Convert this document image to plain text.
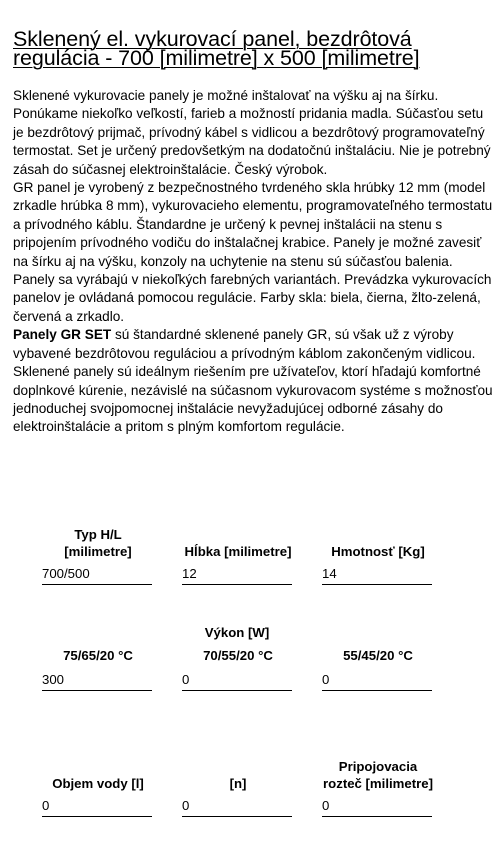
Sklenený el. vykurovací panel, bezdrôtová regulácia - 700 [milimetre] x 500 [milimetre]

Sklenené vykurovacie panely je možné inštalovať na výšku aj na šírku. Ponúkame niekoľko veľkostí, farieb a možností pridania madla. Súčasťou setu je bezdrôtový prijmač, prívodný kábel s vidlicou a bezdrôtový programovateľný termostat. Set je určený predovšetkým na dodatočnú inštaláciu. Nie je potrebný zásah do súčasnej elektroinštalácie. Český výrobok.

GR panel je vyrobený z bezpečnostného tvrdeného skla hrúbky 12 mm (model zrkadle hrúbka 8 mm), vykurovacieho elementu, programovateľného termostatu a prívodného káblu. Štandardne je určený k pevnej inštalácii na stenu s pripojením prívodného vodiču do inštalačnej krabice. Panely je možné zavesiť na šírku aj na výšku, konzoly na uchytenie na stenu sú súčasťou balenia. Panely sa vyrábajú v niekoľkých farebných variantách. Prevádzka vykurovacích panelov je ovládaná pomocou regulácie. Farby skla: biela, čierna, žlto-zelená, červená a zrkadlo.

Panely GR SET sú štandardné sklenené panely GR, sú však už z výroby vybavené bezdrôtovou reguláciou a prívodným káblom zakončeným vidlicou. Sklenené panely sú ideálnym riešením pre užívateľov, ktorí hľadajú komfortné doplnkové kúrenie, nezávislé na súčasnom vykurovacom systéme s možnosťou jednoduchej svojpomocnej inštalácie nevyžadujúcej odborné zásahy do elektroinštalácie a pritom s plným komfortom regulácie.

Typ H/L [milimetre]
700/500
Hĺbka [milimetre]
12
Hmotnosť [Kg]
14
Výkon [W]
75/65/20 °C
300
70/55/20 °C
0
55/45/20 °C
0
Objem vody [l]
0
[n]
0
Pripojovacia rozteč [milimetre]
0
